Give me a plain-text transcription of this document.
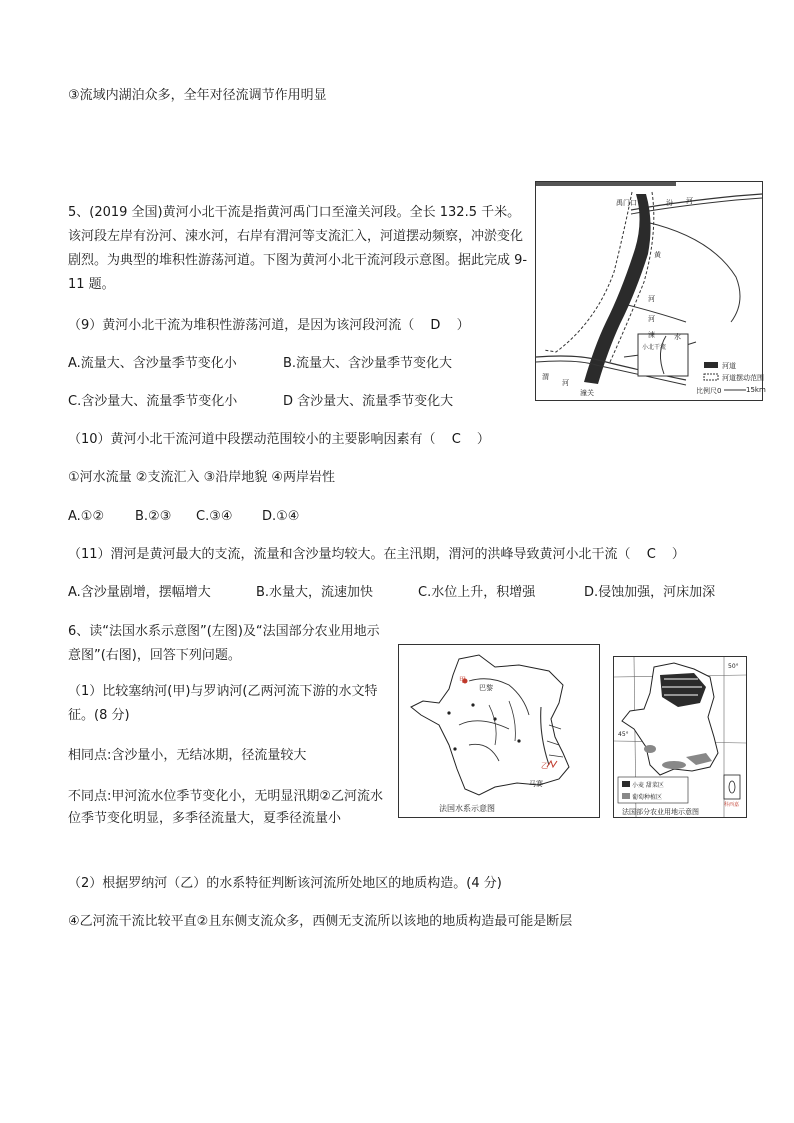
③流域内湖泊众多，全年对径流调节作用明显
5、(2019 全国)黄河小北干流是指黄河禹门口至潼关河段。全长 132.5 千米。该河段左岸有汾河、涑水河，右岸有渭河等支流汇入，河道摆动频察，冲淤变化剧烈。为典型的堆积性游荡河道。下图为黄河小北干流河段示意图。据此完成 9-11 题。
禹门口	汾 河
黄
河
涑	水
河
渭
河
潼关
小北干流
河道
河道摆动范围
比例尺0	15km
（9）黄河小北干流为堆积性游荡河道，是因为该河段河流（ D ）
A.流量大、含沙量季节变化小	B.流量大、含沙量季节变化大
C.含沙量大、流量季节变化小	D 含沙量大、流量季节变化大
（10）黄河小北干流河道中段摆动范围较小的主要影响因素有（ C ）
①河水流量 ②支流汇入 ③沿岸地貌 ④两岸岩性
A.①② B.②③ C.③④ D.①④
（11）渭河是黄河最大的支流，流量和含沙量均较大。在主汛期，渭河的洪峰导致黄河小北干流（ C ）
A.含沙量剧增，摆幅增大	B.水量大，流速加快	C.水位上升，积增强	D.侵蚀加强，河床加深
6、读“法国水系示意图”(左图)及“法国部分农业用地示意图”(右图)，回答下列问题。
（1）比较塞纳河(甲)与罗讷河(乙两河流下游的水文特征。(8 分)
相同点:含沙量小，无结冰期，径流量较大
不同点:甲河流水位季节变化小，无明显汛期②乙河流水位季节变化明显，多季径流量大，夏季径流量小
（2）根据罗纳河（乙）的水系特征判断该河流所处地区的地质构造。(4 分)
④乙河流干流比较平直②且东侧支流众多，西侧无支流所以该地的地质构造最可能是断层
甲
巴黎
乙
马赛
法国水系示意图
50°
45°
小麦 甜菜区
葡萄种植区
科西嘉
法国部分农业用地示意图
